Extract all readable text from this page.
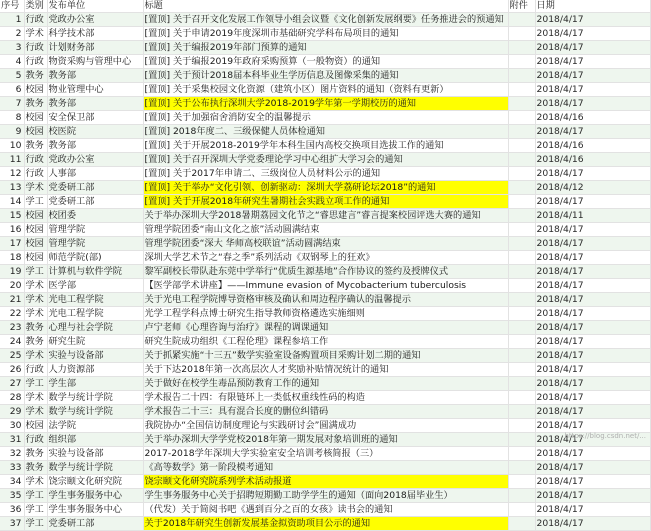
序号	类别	发布单位	标题	附件	日期
1	行政	党政办公室	[置顶] 关于召开文化发展工作领导小组会议暨《文化创新发展纲要》任务推进会的预通知		2018/4/17
2	学术	科学技术部	[置顶] 关于申请2019年度深圳市基础研究学科布局项目的通知		2018/4/17
3	行政	计划财务部	[置顶] 关于编报2019年部门预算的通知		2018/4/17
4	行政	物资采购与管理中心	[置顶] 关于编报2019年政府采购预算（一般物资）的通知		2018/4/17
5	教务	教务部	[置顶] 关于预计2018届本科毕业生学历信息及图像采集的通知		2018/4/17
6	校园	物业管理中心	[置顶] 关于采集校园文化资源（建筑小区）图片资料的通知（资料有更新）		2018/4/17
7	教务	教务部	[置顶] 关于公布执行深圳大学2018-2019学年第一学期校历的通知		2018/4/17
8	校园	安全保卫部	[置顶] 关于加强宿舍消防安全的温馨提示		2018/4/16
9	校园	校医院	[置顶] 2018年度二、三级保健人员体检通知		2018/4/17
10	教务	教务部	[置顶] 关于开展2018-2019学年本科生国内高校交换项目选拔工作的通知		2018/4/16
11	行政	党政办公室	[置顶] 关于召开深圳大学党委理论学习中心组扩大学习会的通知		2018/4/16
12	行政	人事部	[置顶] 关于2017年申请二、三级岗位人员材料公示的通知		2018/4/17
13	学术	党委研工部	[置顶] 关于举办“文化引领、创新驱动：深圳大学荔研论坛2018”的通知		2018/4/12
14	学工	党委研工部	[置顶] 关于开展2018年研究生暑期社会实践立项工作的通知		2018/4/17
15	校园	校团委	关于举办深圳大学2018暑期荔园文化节之“睿思建言”睿言提案校园评选大赛的通知		2018/4/11
16	校园	管理学院	管理学院团委“南山文化之旅”活动圆满结束		2018/4/17
17	校园	管理学院	管理学院团委“深大 华师高校联谊”活动圆满结束		2018/4/17
18	校园	师范学院(部)	深圳大学艺术节之“春之季”系列活动《双钢琴上的狂欢》		2018/4/17
19	学工	计算机与软件学院	黎军副校长带队赴东莞中学举行“优质生源基地”合作协议的签约及授牌仪式		2018/4/17
20	学术	医学部	【医学部学术讲座】——Immune evasion of Mycobacterium tuberculosis		2018/4/17
21	学术	光电工程学院	关于光电工程学院博导资格审核及确认和周边程序确认的温馨提示		2018/4/17
22	学术	光电工程学院	光学工程学科点博士研究生指导教师资格遴选实施细则		2018/4/17
23	教务	心理与社会学院	卢宁老师《心理咨询与治疗》课程的调课通知		2018/4/17
24	教务	研究生院	研究生院成功组织《工程伦理》课程参培工作		2018/4/17
25	学术	实验与设备部	关于抓紧实施“十三五”数学实验室设备购置项目采购计划二期的通知		2018/4/17
26	行政	人力资源部	关于下达2018年第一次高层次人才奖励补贴情况统计的通知		2018/4/17
27	学工	学生部	关于做好在校学生毒品预防教育工作的通知		2018/4/17
28	学术	数学与统计学院	学术报告二十四：有限链环上一类低权重线性码的构造		2018/4/17
29	学术	数学与统计学院	学术报告二十三：具有混合长度的删位纠错码		2018/4/17
30	校园	法学院	我院协办“全国信访制度理论与实践研讨会”圆满成功		2018/4/17
31	行政	组织部	关于举办深圳大学学党校2018年第一期发展对象培训班的通知		2018/4/17
32	教务	实验与设备部	2017-2018学年深圳大学实验室安全培训考核简报（三）		2018/4/17
33	教务	数学与统计学院	《高等数学》第一阶段模考通知		2018/4/17
34	学术	饶宗颐文化研究院	饶宗颐文化研究院系列学术活动报道		2018/4/17
35	学工	学生事务服务中心	学生事务服务中心关于招聘短期勤工助学学生的通知（面向2018届毕业生）		2018/4/17
36	学工	学生事务服务中心	（代发）关于简阅书吧《遇到百分之百的女孩》读书会的通知		2018/4/17
37	学工	党委研工部	关于2018年研究生创新发展基金拟资助项目公示的通知		2018/4/17
https://blog.csdn.net/...
